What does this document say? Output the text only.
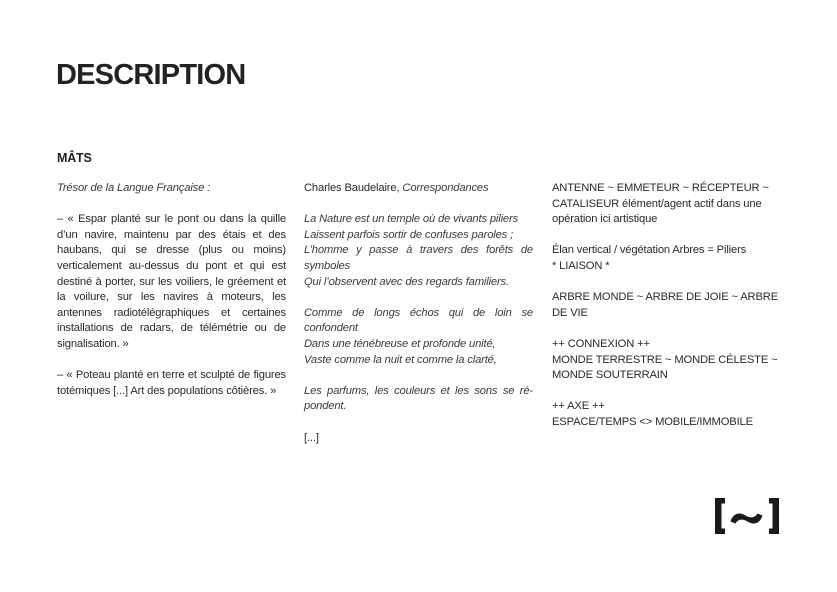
DESCRIPTION
MÂTS

Trésor de la Langue Française :

– « Espar planté sur le pont ou dans la quille d’un navire, maintenu par des étais et des haubans, qui se dresse (plus ou moins) verticalement au-dessus du pont et qui est destiné à porter, sur les voiliers, le gréement et la voilure, sur les navires à moteurs, les antennes radiotélégraphiques et certaines installations de radars, de télémétrie ou de signalisation. »

– « Poteau planté en terre et sculpté de figures totémiques [...] Art des populations côtières. »

Charles Baudelaire, Correspondances

La Nature est un temple où de vivants piliers
Laissent parfois sortir de confuses paroles ;
L’homme y passe à travers des forêts de symboles
Qui l’observent avec des regards familiers.

Comme de longs échos qui de loin se confondent
Dans une ténébreuse et profonde unité,
Vaste comme la nuit et comme la clarté,

Les parfums, les couleurs et les sons se ré-pondent.

[...]

ANTENNE ~ EMMETEUR ~ RÉCEPTEUR ~ CATALISEUR élément/agent actif dans une opération ici artistique

Élan vertical / végétation Arbres = Piliers
* LIAISON *

ARBRE MONDE ~ ARBRE DE JOIE ~ ARBRE DE VIE

++ CONNEXION ++
MONDE TERRESTRE ~ MONDE CÉLESTE ~ MONDE SOUTERRAIN

++ AXE ++
ESPACE/TEMPS <> MOBILE/IMMOBILE
